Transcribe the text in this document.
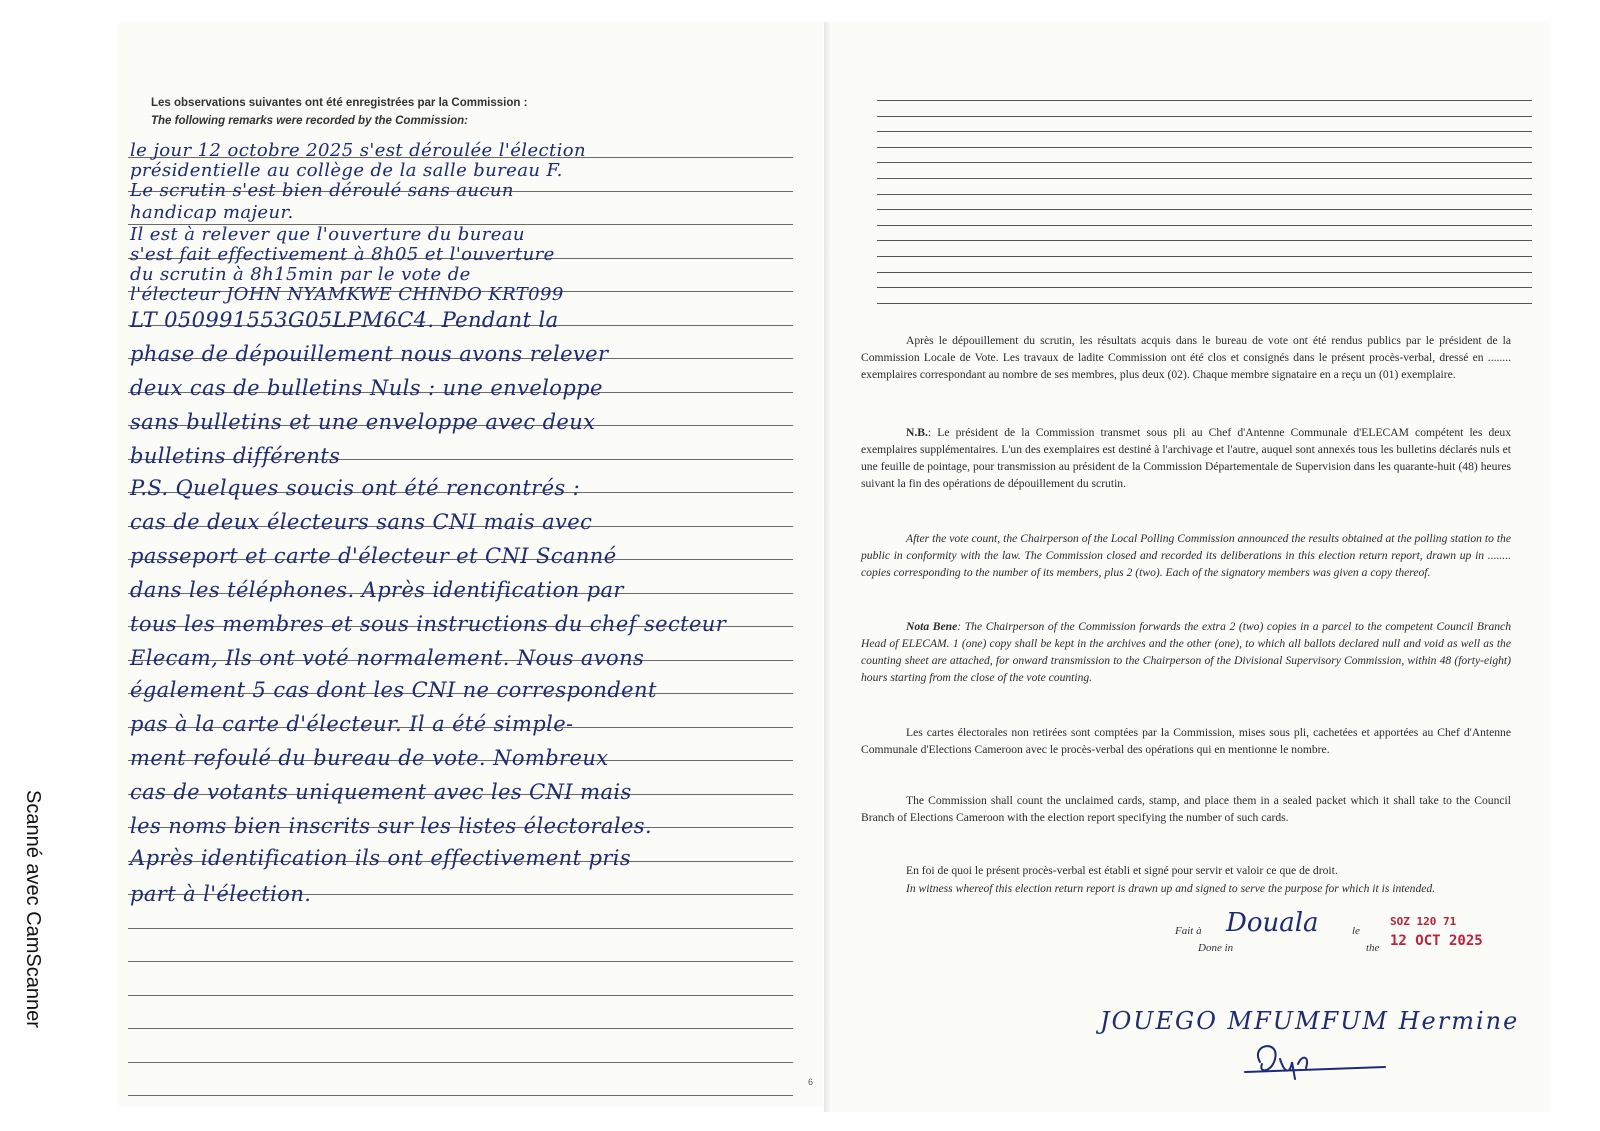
Les observations suivantes ont été enregistrées par la Commission :
The following remarks were recorded by the Commission:
le jour 12 octobre 2025 s'est déroulée l'élection
présidentielle au collège de la salle bureau F.
Le scrutin s'est bien déroulé sans aucun
handicap majeur.
Il est à relever que l'ouverture du bureau
s'est fait effectivement à 8h05 et l'ouverture
du scrutin à 8h15min par le vote de
l'électeur JOHN NYAMKWE CHINDO KRT099
LT 050991553G05LPM6C4. Pendant la
phase de dépouillement nous avons relever
deux cas de bulletins Nuls : une enveloppe
sans bulletins et une enveloppe avec deux
bulletins différents
P.S. Quelques soucis ont été rencontrés :
cas de deux électeurs sans CNI mais avec
passeport et carte d'électeur et CNI Scanné
dans les téléphones. Après identification par
tous les membres et sous instructions du chef secteur
Elecam, Ils ont voté normalement. Nous avons
également 5 cas dont les CNI ne correspondent
pas à la carte d'électeur. Il a été simple-
ment refoulé du bureau de vote. Nombreux
cas de votants uniquement avec les CNI mais
les noms bien inscrits sur les listes électorales.
Après identification ils ont effectivement pris
part à l'élection.
6
Après le dépouillement du scrutin, les résultats acquis dans le bureau de vote ont été rendus publics par le président de la Commission Locale de Vote. Les travaux de ladite Commission ont été clos et consignés dans le présent procès-verbal, dressé en ........ exemplaires correspondant au nombre de ses membres, plus deux (02). Chaque membre signataire en a reçu un (01) exemplaire.
N.B.: Le président de la Commission transmet sous pli au Chef d'Antenne Communale d'ELECAM compétent les deux exemplaires supplémentaires. L'un des exemplaires est destiné à l'archivage et l'autre, auquel sont annexés tous les bulletins déclarés nuls et une feuille de pointage, pour transmission au président de la Commission Départementale de Supervision dans les quarante-huit (48) heures suivant la fin des opérations de dépouillement du scrutin.
After the vote count, the Chairperson of the Local Polling Commission announced the results obtained at the polling station to the public in conformity with the law. The Commission closed and recorded its deliberations in this election return report, drawn up in ........ copies corresponding to the number of its members, plus 2 (two). Each of the signatory members was given a copy thereof.
Nota Bene: The Chairperson of the Commission forwards the extra 2 (two) copies in a parcel to the competent Council Branch Head of ELECAM. 1 (one) copy shall be kept in the archives and the other (one), to which all ballots declared null and void as well as the counting sheet are attached, for onward transmission to the Chairperson of the Divisional Supervisory Commission, within 48 (forty-eight) hours starting from the close of the vote counting.
Les cartes électorales non retirées sont comptées par la Commission, mises sous pli, cachetées et apportées au Chef d'Antenne Communale d'Elections Cameroon avec le procès-verbal des opérations qui en mentionne le nombre.
The Commission shall count the unclaimed cards, stamp, and place them in a sealed packet which it shall take to the Council Branch of Elections Cameroon with the election report specifying the number of such cards.
En foi de quoi le présent procès-verbal est établi et signé pour servir et valoir ce que de droit.
In witness whereof this election return report is drawn up and signed to serve the purpose for which it is intended.
Fait à
Done in
Douala	le
the
SOZ 120 71
12 OCT 2025
JOUEGO MFUMFUM Hermine
Scanné avec CamScanner
